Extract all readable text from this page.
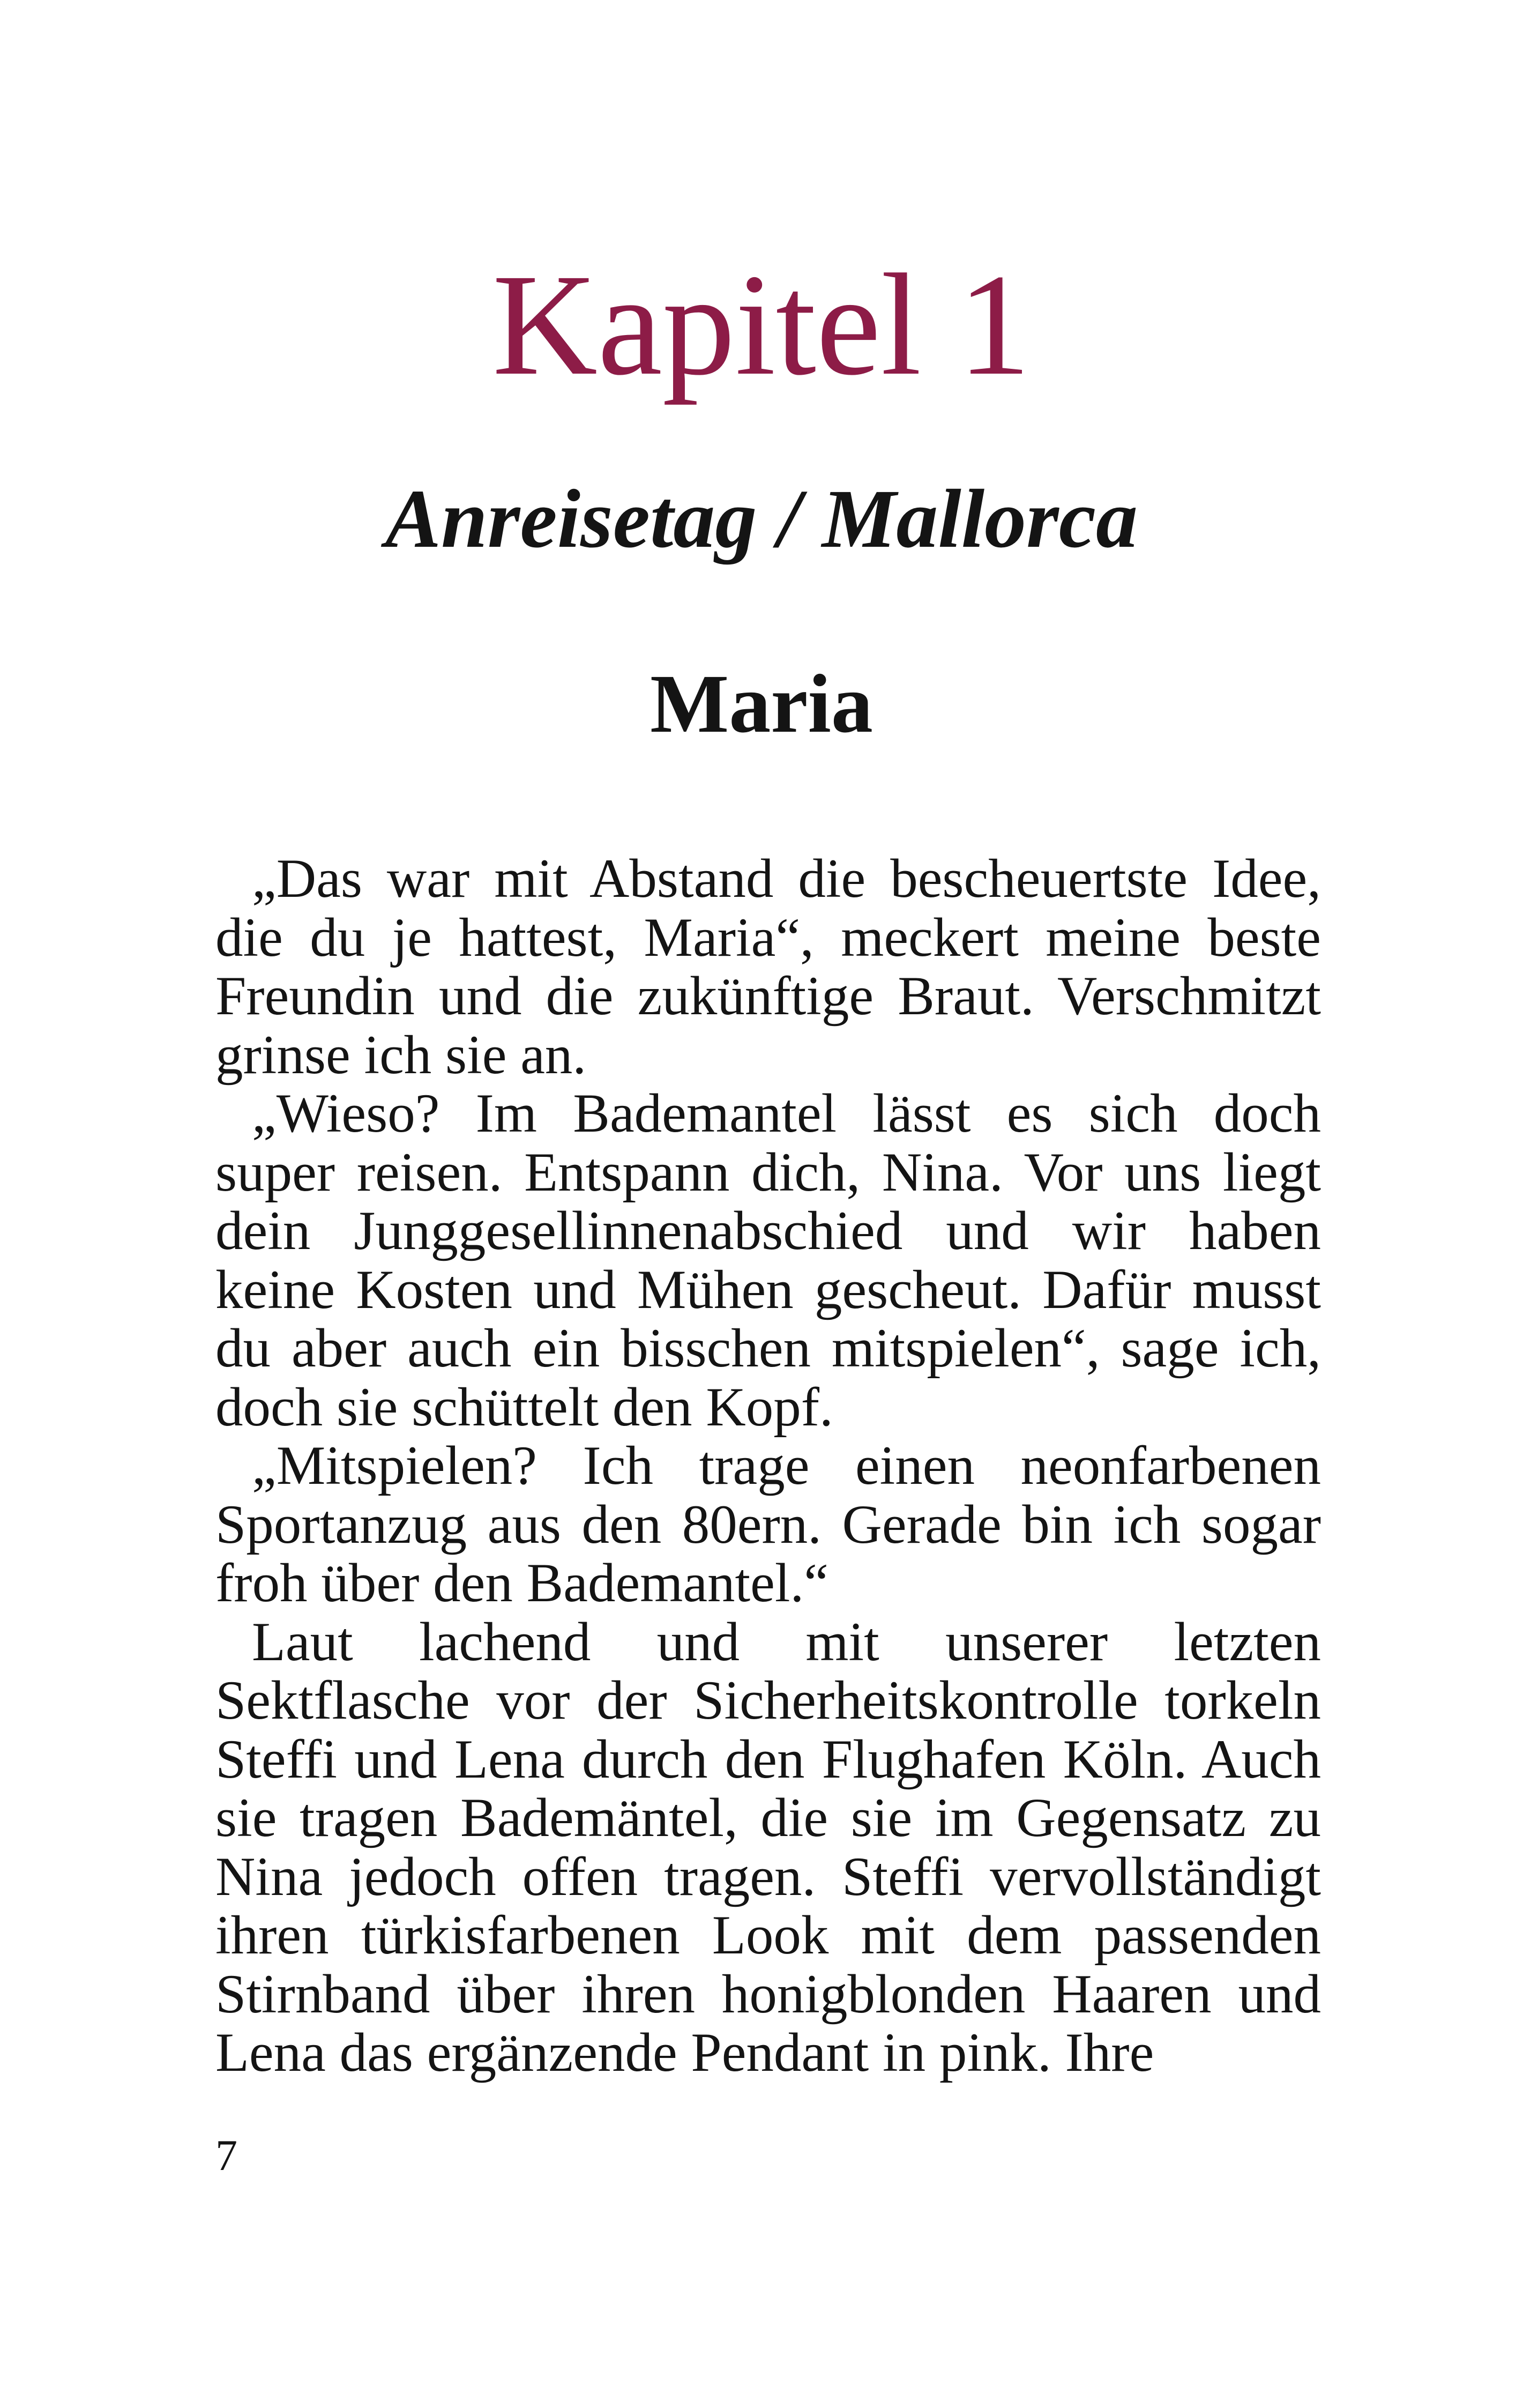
Kapitel 1
Anreisetag / Mallorca
Maria

„Das war mit Abstand die bescheuertste Idee, die du je hattest, Maria“, meckert meine beste Freundin und die zukünftige Braut. Verschmitzt grinse ich sie an.

„Wieso? Im Bademantel lässt es sich doch super reisen. Entspann dich, Nina. Vor uns liegt dein Junggesellinnenabschied und wir haben keine Kosten und Mühen gescheut. Dafür musst du aber auch ein bisschen mitspielen“, sage ich, doch sie schüttelt den Kopf.

„Mitspielen? Ich trage einen neonfarbenen Sportanzug aus den 80ern. Gerade bin ich sogar froh über den Bademantel.“

Laut lachend und mit unserer letzten Sektflasche vor der Sicherheitskontrolle torkeln Steffi und Lena durch den Flughafen Köln. Auch sie tragen Bademäntel, die sie im Gegensatz zu Nina jedoch offen tragen. Steffi vervollständigt ihren türkisfarbenen Look mit dem passenden Stirnband über ihren honigblonden Haaren und Lena das ergänzende Pendant in pink. Ihre

7
